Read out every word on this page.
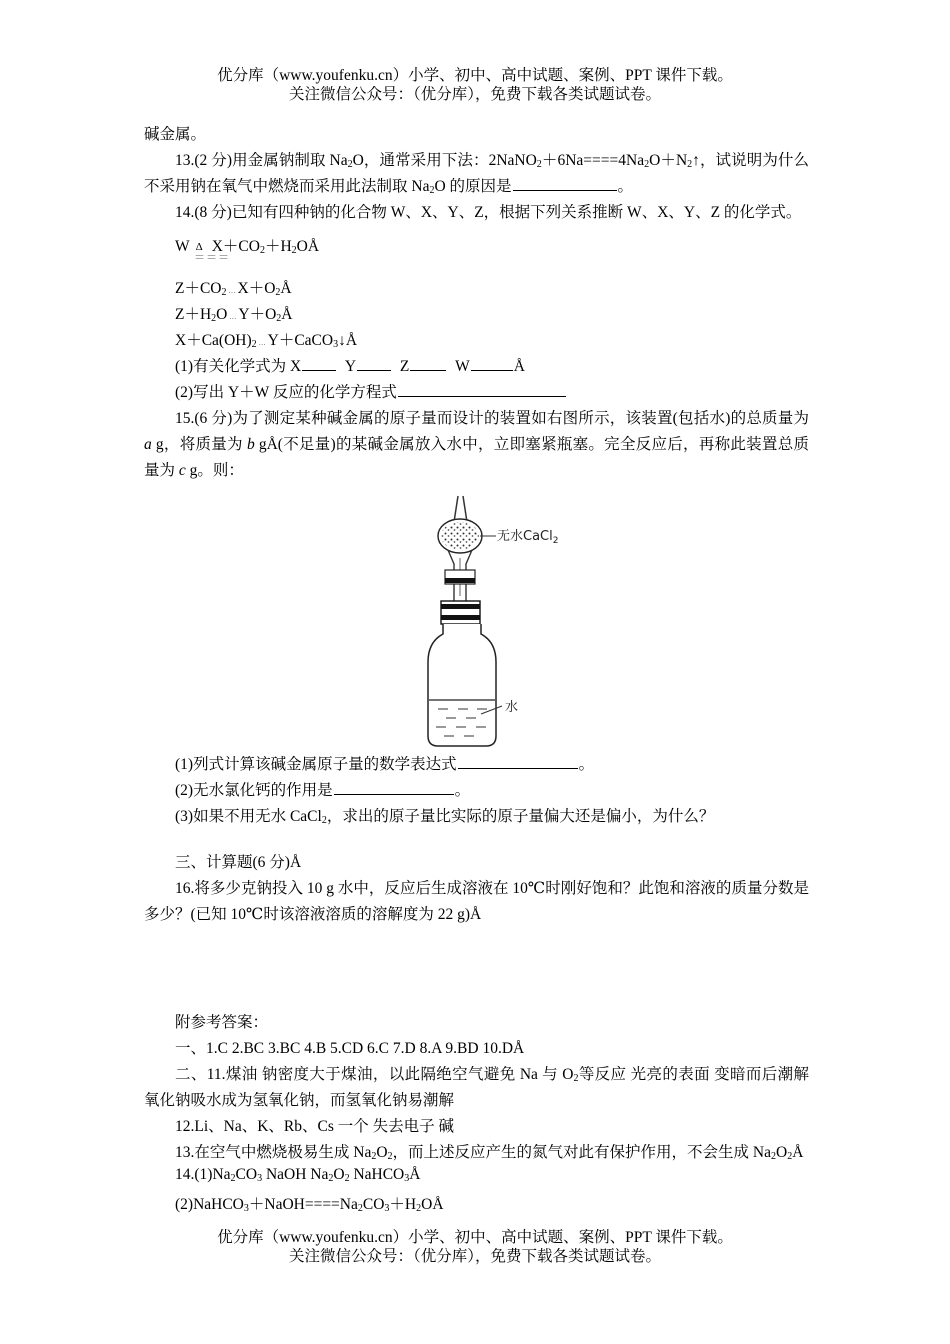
优分库（www.youfenku.cn）小学、初中、高中试题、案例、PPT 课件下载。
关注微信公众号：（优分库），免费下载各类试题试卷。

碱金属。

13.(2 分)用金属钠制取 $Na_2O$，通常采用下法：$2NaNO_2+6Na====4Na_2O+N_2↑$，试说明为什么不采用钠在氧气中燃烧而采用此法制取 $Na_2O$ 的原因是	。

14.(8 分)已知有四种钠的化合物 W、X、Y、Z，根据下列关系推断 W、X、Y、Z 的化学式。

W Δ $X+CO_2+H_2OÅ$
＝＝＝
$Z+CO_2$ … $X+O_2Å$
$Z+H_2O$ … $Y+O_2Å$
$X+Ca(OH)_2$ … Y＋CaCO$_3$↓Å
(1)有关化学式为 X	Y	Z	W	Å
(2)写出 Y＋W 反应的化学方程式

15.(6 分)为了测定某种碱金属的原子量而设计的装置如右图所示，该装置(包括水)的总质量为 a g，将质量为 b gÅ(不足量)的某碱金属放入水中，立即塞紧瓶塞。完全反应后，再称此装置总质量为 c g。则：

无水CaCl$_2$
水
(1)列式计算该碱金属原子量的数学表达式	。
(2)无水氯化钙的作用是	。
(3)如果不用无水 CaCl$_2$，求出的原子量比实际的原子量偏大还是偏小，为什么？
三、计算题(6 分)Å

16.将多少克钠投入 10 g 水中，反应后生成溶液在 10℃时刚好饱和？此饱和溶液的质量分数是多少？(已知 10℃时该溶液溶质的溶解度为 22 g)Å

附参考答案：
一、1.C 2.BC 3.BC 4.B 5.CD 6.C 7.D 8.A 9.BD 10.DÅ

二、11.煤油 钠密度大于煤油，以此隔绝空气避免 Na 与 $O_2$等反应 光亮的表面 变暗而后潮解 氧化钠吸水成为氢氧化钠，而氢氧化钠易潮解

12.Li、Na、K、Rb、Cs 一个 失去电子 碱

13.在空气中燃烧极易生成 $Na_2O_2$，而上述反应产生的氮气对此有保护作用，不会生成 $Na_2O_2Å$

$14.(1)Na_2CO_3$ NaOH $Na_2O_2$ NaHCO$_3$Å
$(2)NaHCO_3+NaOH====Na_2CO_3+H_2OÅ$
优分库（www.youfenku.cn）小学、初中、高中试题、案例、PPT 课件下载。
关注微信公众号：（优分库），免费下载各类试题试卷。
